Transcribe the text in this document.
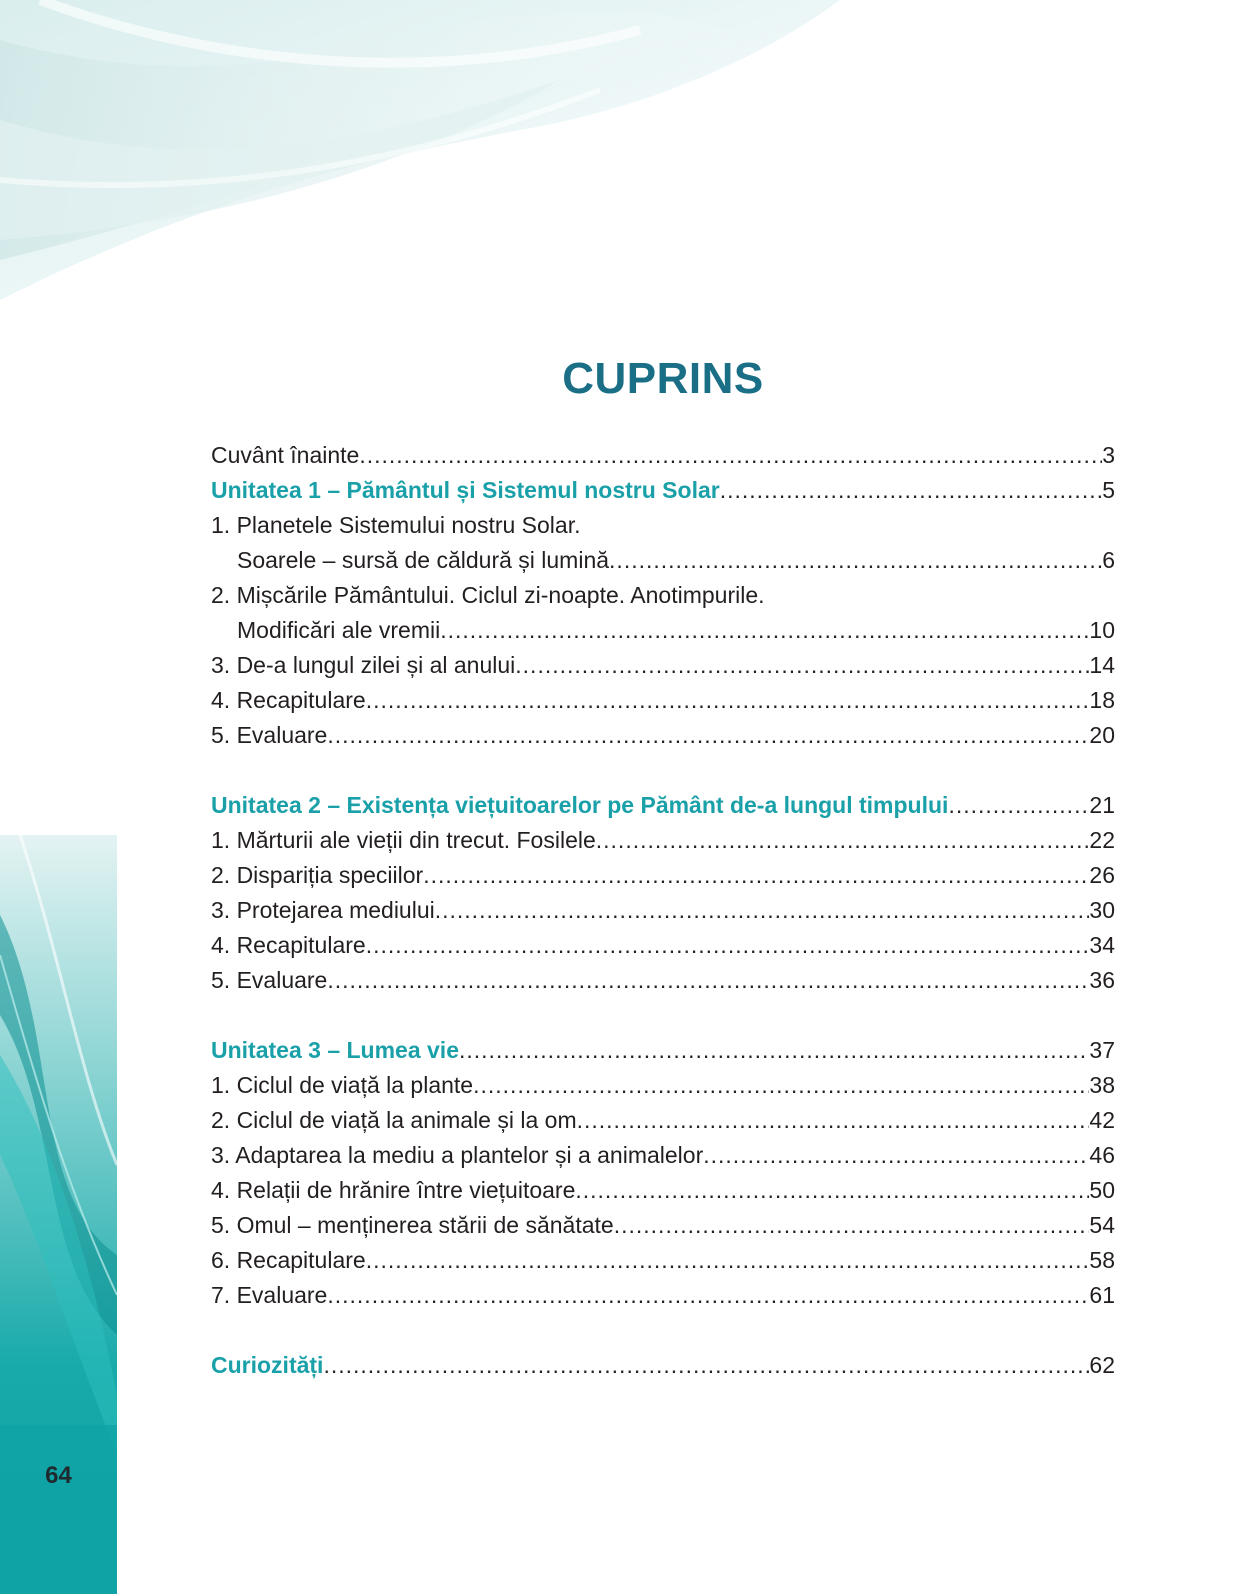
64
CUPRINS
Cuvânt înainte .....	3
Unitatea 1 – Pământul și Sistemul nostru Solar .....	5
1. Planetele Sistemului nostru Solar.
Soarele – sursă de căldură și lumină .....	6
2. Mișcările Pământului. Ciclul zi-noapte. Anotimpurile.
Modificări ale vremii .....	10
3. De-a lungul zilei și al anului .....	14
4. Recapitulare .....	18
5. Evaluare .....	20
Unitatea 2 – Existența viețuitoarelor pe Pământ de-a lungul timpului .....	21
1. Mărturii ale vieții din trecut. Fosilele .....	22
2. Dispariția speciilor .....	26
3. Protejarea mediului .....	30
4. Recapitulare .....	34
5. Evaluare .....	36
Unitatea 3 – Lumea vie .....	37
1. Ciclul de viață la plante .....	38
2. Ciclul de viață la animale și la om .....	42
3. Adaptarea la mediu a plantelor și a animalelor .....	46
4. Relații de hrănire între viețuitoare .....	50
5. Omul – menținerea stării de sănătate .....	54
6. Recapitulare .....	58
7. Evaluare .....	61
Curiozități .....	62
